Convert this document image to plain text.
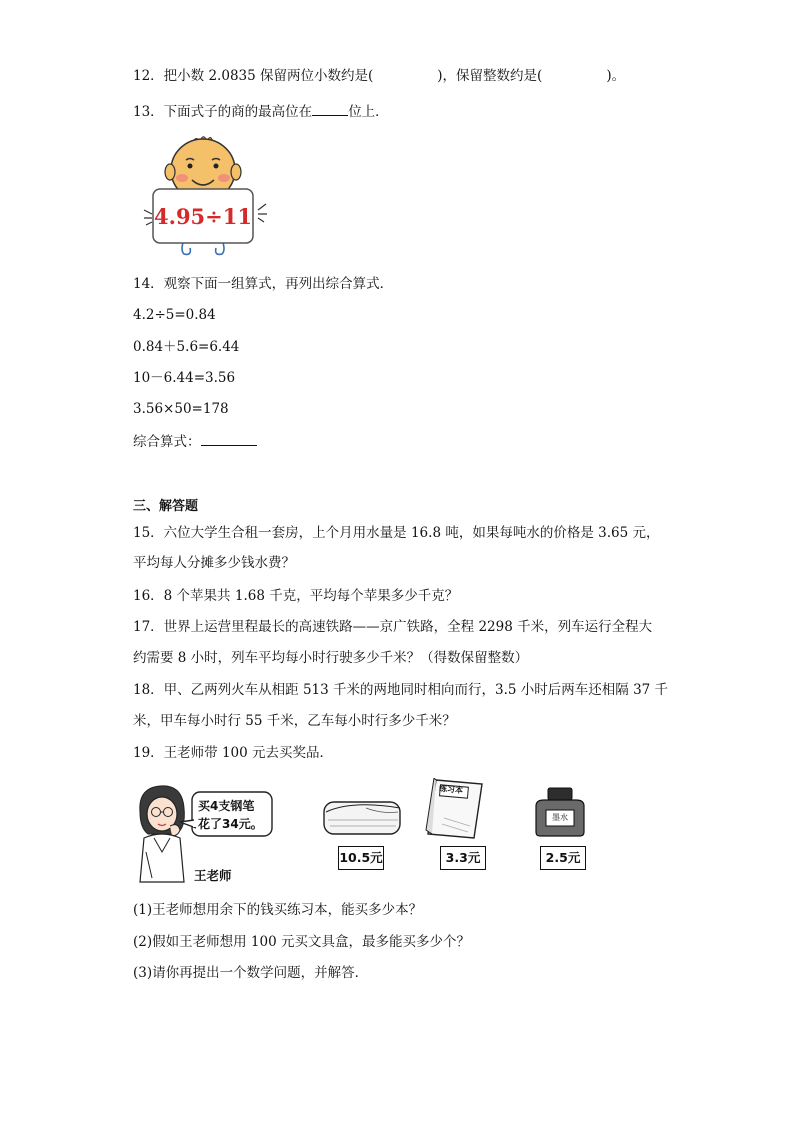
12．把小数 2.0835 保留两位小数约是(	)，保留整数约是(	)。
13．下面式子的商的最高位在	位上．
4.95÷11
14．观察下面一组算式，再列出综合算式．
4.2÷5=0.84
0.84＋5.6=6.44
10－6.44=3.56
3.56×50=178
综合算式：
三、解答题
15．六位大学生合租一套房，上个月用水量是 16.8 吨，如果每吨水的价格是 3.65 元，
平均每人分摊多少钱水费？
16．8 个苹果共 1.68 千克，平均每个苹果多少千克？
17．世界上运营里程最长的高速铁路——京广铁路，全程 2298 千米，列车运行全程大
约需要 8 小时，列车平均每小时行驶多少千米？（得数保留整数）
18．甲、乙两列火车从相距 513 千米的两地同时相向而行，3.5 小时后两车还相隔 37 千
米，甲车每小时行 55 千米，乙车每小时行多少千米？
19．王老师带 100 元去买奖品．
买4支钢笔
花了34元。
王老师
练习本
墨水
10.5元	3.3元	2.5元
(1)王老师想用余下的钱买练习本，能买多少本？
(2)假如王老师想用 100 元买文具盒，最多能买多少个？
(3)请你再提出一个数学问题，并解答．
